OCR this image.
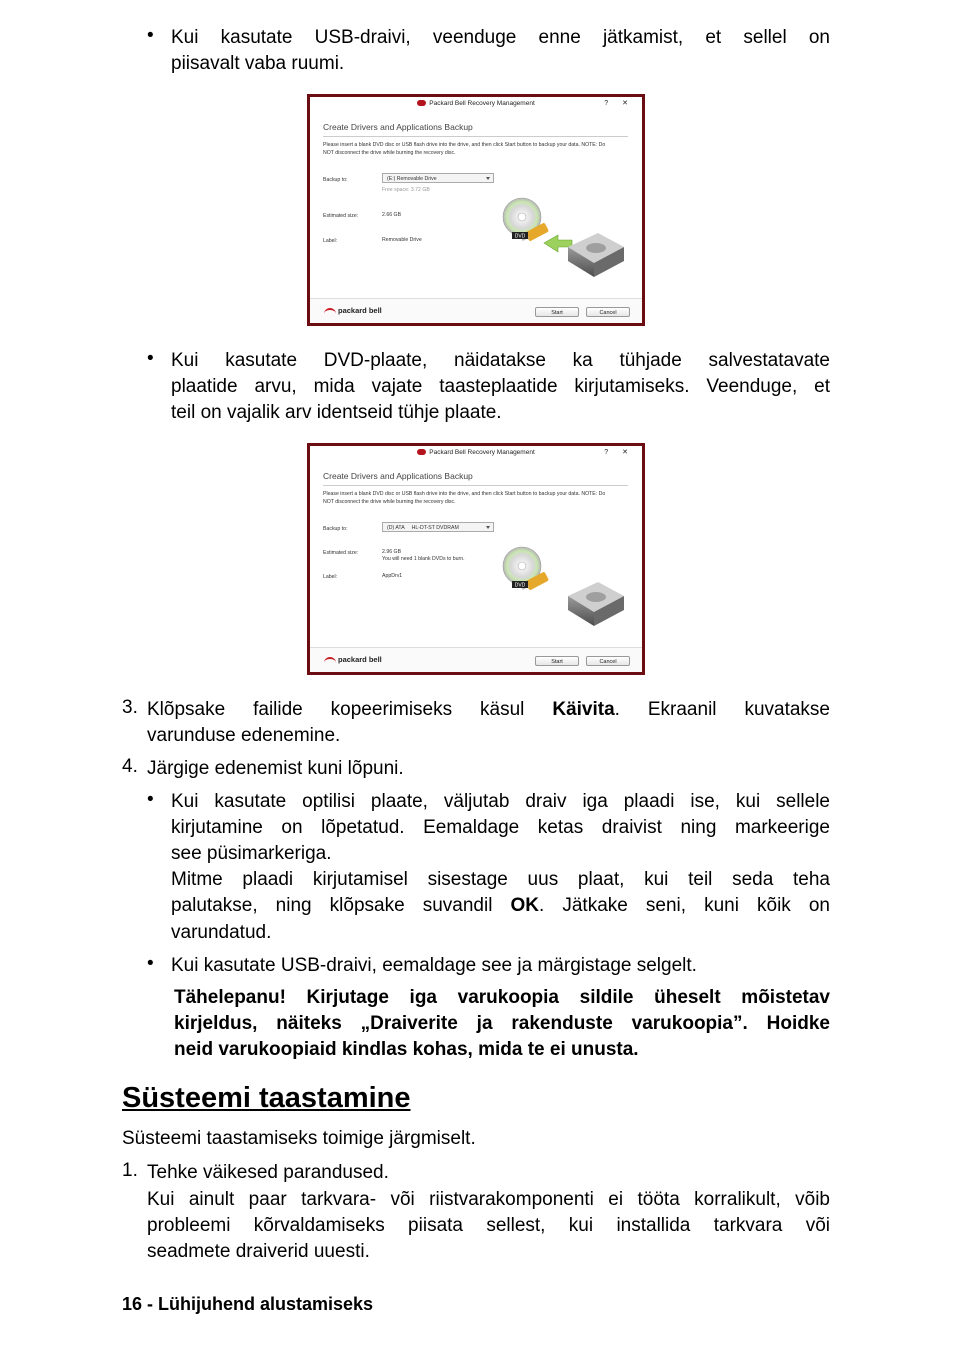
• Kui kasutate USB-draivi, veenduge enne jätkamist, et sellel on
piisavalt vaba ruumi.
Packard Bell Recovery Management	? ✕
Create Drivers and Applications Backup
Please insert a blank DVD disc or USB flash drive into the drive, and then click Start button to backup your data. NOTE: Do
NOT disconnect the drive while burning the recovery disc.
Backup to:	(E:) Removable Drive
Free space: 3.72 GB
Estimated size:	2.66 GB
Label:	Removable Drive
DVD
packard bell	Start	Cancel
• Kui kasutate DVD-plaate, näidatakse ka tühjade salvestatavate
plaatide arvu, mida vajate taasteplaatide kirjutamiseks. Veenduge, et
teil on vajalik arv identseid tühje plaate.
Packard Bell Recovery Management	? ✕
Create Drivers and Applications Backup
Please insert a blank DVD disc or USB flash drive into the drive, and then click Start button to backup your data. NOTE: Do
NOT disconnect the drive while burning the recovery disc.
Backup to:	(D) ATA     HL-DT-ST DVDRAM
Estimated size:	2.96 GB
You will need 1 blank DVDs to burn.
Label:	AppDrv1
DVD
packard bell	Start	Cancel
3. Klõpsake failide kopeerimiseks käsul Käivita. Ekraanil kuvatakse
varunduse edenemine.
4. Järgige edenemist kuni lõpuni.
• Kui kasutate optilisi plaate, väljutab draiv iga plaadi ise, kui sellele
kirjutamine on lõpetatud. Eemaldage ketas draivist ning markeerige
see püsimarkeriga.
Mitme plaadi kirjutamisel sisestage uus plaat, kui teil seda teha
palutakse, ning klõpsake suvandil OK. Jätkake seni, kuni kõik on
varundatud.
• Kui kasutate USB-draivi, eemaldage see ja märgistage selgelt.
Tähelepanu! Kirjutage iga varukoopia sildile üheselt mõistetav
kirjeldus, näiteks „Draiverite ja rakenduste varukoopia”. Hoidke
neid varukoopiaid kindlas kohas, mida te ei unusta.
Süsteemi taastamine
Süsteemi taastamiseks toimige järgmiselt.
1. Tehke väikesed parandused.
Kui ainult paar tarkvara- või riistvarakomponenti ei tööta korralikult, võib
probleemi kõrvaldamiseks piisata sellest, kui installida tarkvara või
seadmete draiverid uuesti.
16 - Lühijuhend alustamiseks
